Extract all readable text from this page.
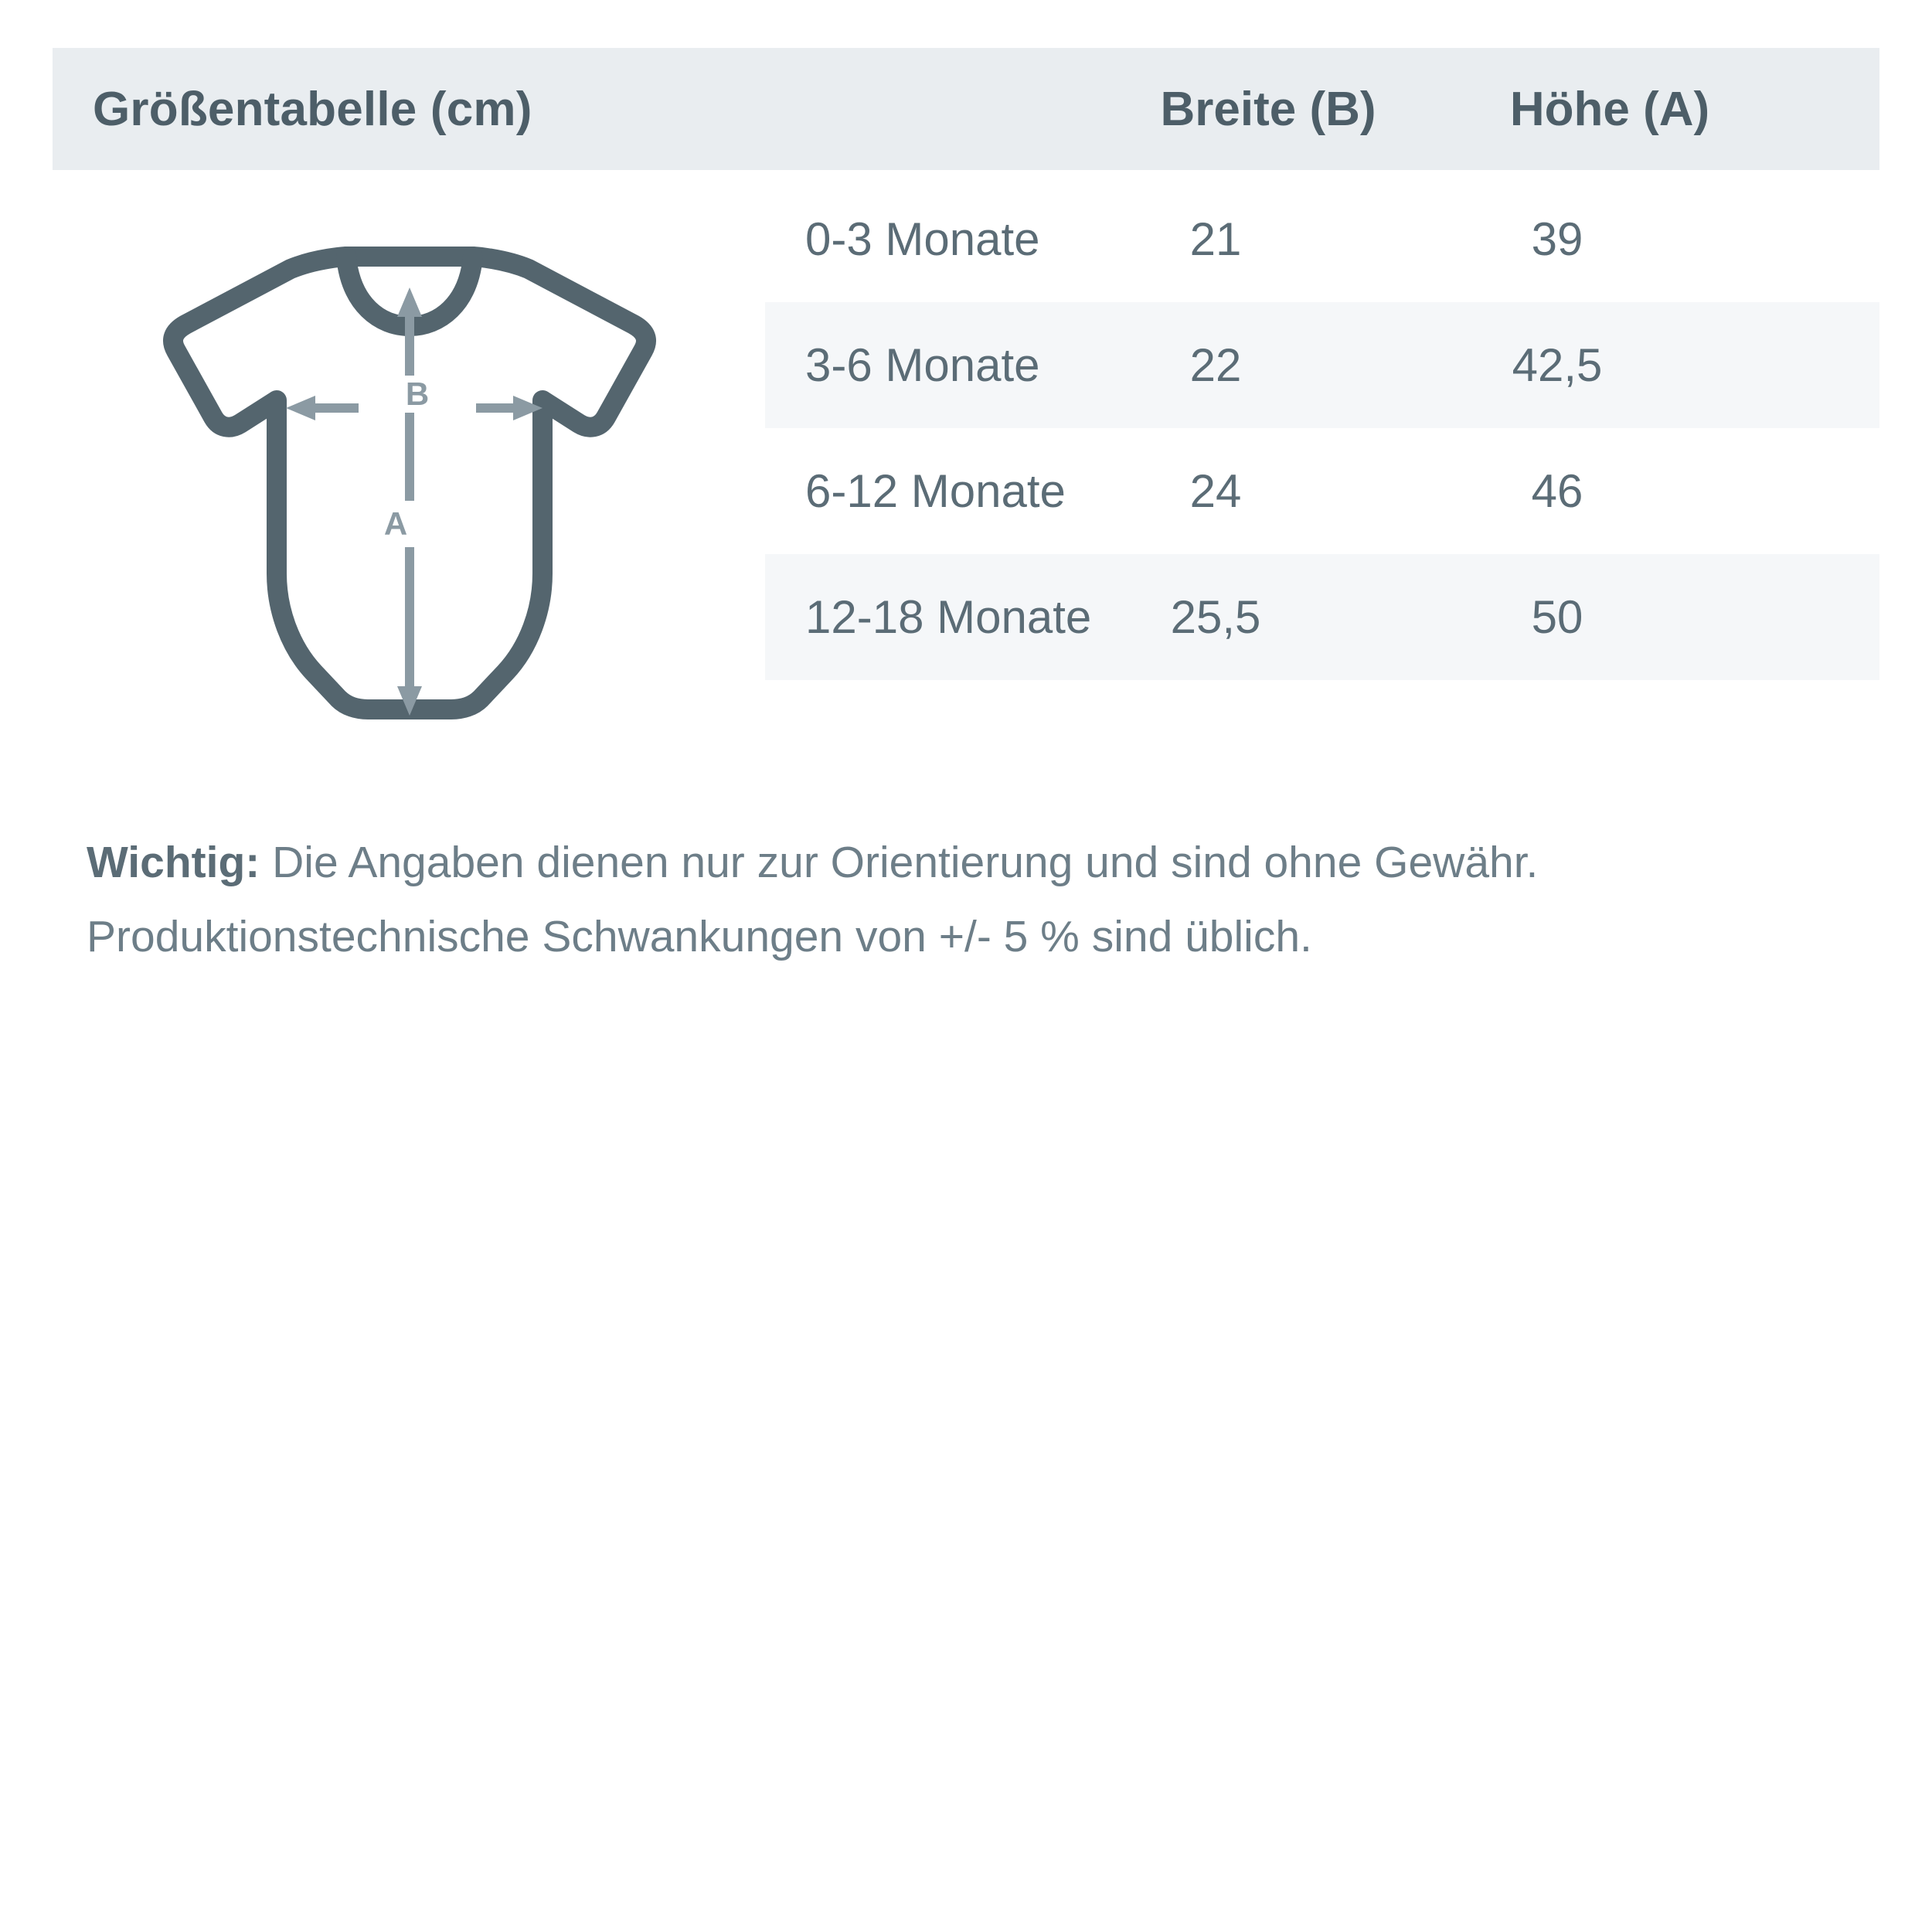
Größentabelle (cm)	Breite (B)	Höhe (A)
B
A
0-3 Monate	21	39
3-6 Monate	22	42,5
6-12 Monate	24	46
12-18 Monate	25,5	50
Wichtig: Die Angaben dienen nur zur Orientierung und sind ohne Gewähr.
Produktionstechnische Schwankungen von +/- 5 % sind üblich.
